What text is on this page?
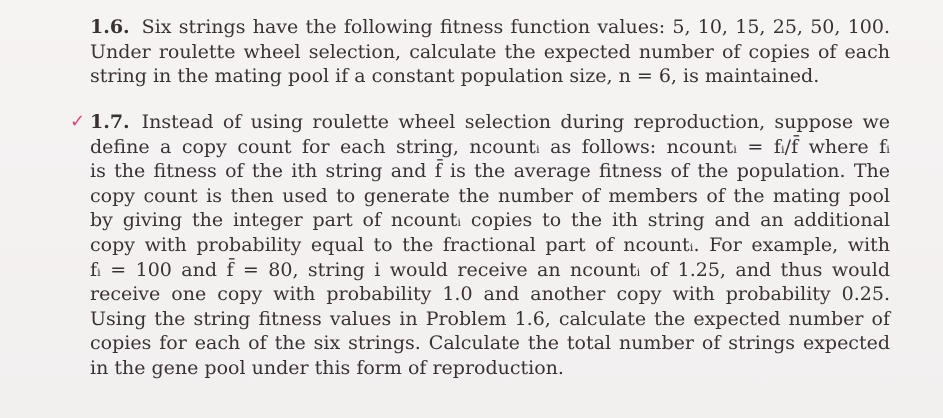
1.6. Six strings have the following fitness function values: 5, 10, 15, 25, 50, 100.
Under roulette wheel selection, calculate the expected number of copies of each
string in the mating pool if a constant population size, n = 6, is maintained.
✓ 1.7. Instead of using roulette wheel selection during reproduction, suppose we
define a copy count for each string, ncountᵢ as follows: ncountᵢ = fᵢ/f̄ where fᵢ
is the fitness of the ith string and f̄ is the average fitness of the population. The
copy count is then used to generate the number of members of the mating pool
by giving the integer part of ncountᵢ copies to the ith string and an additional
copy with probability equal to the fractional part of ncountᵢ. For example, with
fᵢ = 100 and f̄ = 80, string i would receive an ncountᵢ of 1.25, and thus would
receive one copy with probability 1.0 and another copy with probability 0.25.
Using the string fitness values in Problem 1.6, calculate the expected number of
copies for each of the six strings. Calculate the total number of strings expected
in the gene pool under this form of reproduction.
